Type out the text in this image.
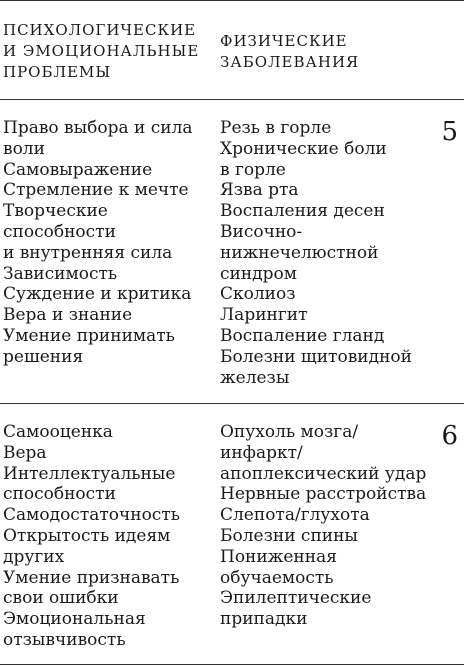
ПСИХОЛОГИЧЕСКИЕ
И ЭМОЦИОНАЛЬНЫЕ
ПРОБЛЕМЫ
ФИЗИЧЕСКИЕ
ЗАБОЛЕВАНИЯ
Право выбора и сила
воли
Самовыражение
Стремление к мечте
Творческие
способности
и внутренняя сила
Зависимость
Суждение и критика
Вера и знание
Умение принимать
решения
Резь в горле
Хронические боли
в горле
Язва рта
Воспаления десен
Височно-
нижнечелюстной
синдром
Сколиоз
Ларингит
Воспаление гланд
Болезни щитовидной
железы
5
Самооценка
Вера
Интеллектуальные
способности
Самодостаточность
Открытость идеям
других
Умение признавать
свои ошибки
Эмоциональная
отзывчивость
Опухоль мозга/
инфаркт/
апоплексический удар
Нервные расстройства
Слепота/глухота
Болезни спины
Пониженная
обучаемость
Эпилептические
припадки
6
